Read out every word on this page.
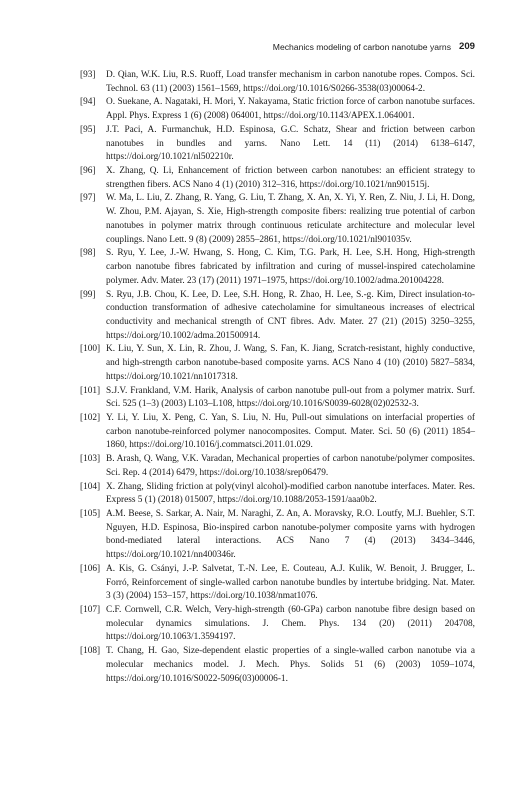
Mechanics modeling of carbon nanotube yarns 209
[93]	D. Qian, W.K. Liu, R.S. Ruoff, Load transfer mechanism in carbon nanotube ropes. Compos. Sci. Technol. 63 (11) (2003) 1561–1569, https://doi.org/10.1016/S0266-3538(03)00064-2.
[94]	O. Suekane, A. Nagataki, H. Mori, Y. Nakayama, Static friction force of carbon nanotube surfaces. Appl. Phys. Express 1 (6) (2008) 064001, https://doi.org/10.1143/APEX.1.064001.
[95]	J.T. Paci, A. Furmanchuk, H.D. Espinosa, G.C. Schatz, Shear and friction between carbon nanotubes in bundles and yarns. Nano Lett. 14 (11) (2014) 6138–6147, https://doi.org/10.1021/nl502210r.
[96]	X. Zhang, Q. Li, Enhancement of friction between carbon nanotubes: an efficient strategy to strengthen fibers. ACS Nano 4 (1) (2010) 312–316, https://doi.org/10.1021/nn901515j.
[97]	W. Ma, L. Liu, Z. Zhang, R. Yang, G. Liu, T. Zhang, X. An, X. Yi, Y. Ren, Z. Niu, J. Li, H. Dong, W. Zhou, P.M. Ajayan, S. Xie, High-strength composite fibers: realizing true potential of carbon nanotubes in polymer matrix through continuous reticulate architecture and molecular level couplings. Nano Lett. 9 (8) (2009) 2855–2861, https://doi.org/10.1021/nl901035v.
[98]	S. Ryu, Y. Lee, J.-W. Hwang, S. Hong, C. Kim, T.G. Park, H. Lee, S.H. Hong, High-strength carbon nanotube fibres fabricated by infiltration and curing of mussel-inspired catecholamine polymer. Adv. Mater. 23 (17) (2011) 1971–1975, https://doi.org/10.1002/adma.201004228.
[99]	S. Ryu, J.B. Chou, K. Lee, D. Lee, S.H. Hong, R. Zhao, H. Lee, S.-g. Kim, Direct insulation-to-conduction transformation of adhesive catecholamine for simultaneous increases of electrical conductivity and mechanical strength of CNT fibres. Adv. Mater. 27 (21) (2015) 3250–3255, https://doi.org/10.1002/adma.201500914.
[100] K. Liu, Y. Sun, X. Lin, R. Zhou, J. Wang, S. Fan, K. Jiang, Scratch-resistant, highly conductive, and high-strength carbon nanotube-based composite yarns. ACS Nano 4 (10) (2010) 5827–5834, https://doi.org/10.1021/nn1017318.
[101] S.J.V. Frankland, V.M. Harik, Analysis of carbon nanotube pull-out from a polymer matrix. Surf. Sci. 525 (1–3) (2003) L103–L108, https://doi.org/10.1016/S0039-6028(02)02532-3.
[102] Y. Li, Y. Liu, X. Peng, C. Yan, S. Liu, N. Hu, Pull-out simulations on interfacial properties of carbon nanotube-reinforced polymer nanocomposites. Comput. Mater. Sci. 50 (6) (2011) 1854–1860, https://doi.org/10.1016/j.commatsci.2011.01.029.
[103] B. Arash, Q. Wang, V.K. Varadan, Mechanical properties of carbon nanotube/polymer composites. Sci. Rep. 4 (2014) 6479, https://doi.org/10.1038/srep06479.
[104] X. Zhang, Sliding friction at poly(vinyl alcohol)-modified carbon nanotube interfaces. Mater. Res. Express 5 (1) (2018) 015007, https://doi.org/10.1088/2053-1591/aaa0b2.
[105] A.M. Beese, S. Sarkar, A. Nair, M. Naraghi, Z. An, A. Moravsky, R.O. Loutfy, M.J. Buehler, S.T. Nguyen, H.D. Espinosa, Bio-inspired carbon nanotube-polymer composite yarns with hydrogen bond-mediated lateral interactions. ACS Nano 7 (4) (2013) 3434–3446, https://doi.org/10.1021/nn400346r.
[106] A. Kis, G. Csányi, J.-P. Salvetat, T.-N. Lee, E. Couteau, A.J. Kulik, W. Benoit, J. Brugger, L. Forró, Reinforcement of single-walled carbon nanotube bundles by intertube bridging. Nat. Mater. 3 (3) (2004) 153–157, https://doi.org/10.1038/nmat1076.
[107] C.F. Cornwell, C.R. Welch, Very-high-strength (60-GPa) carbon nanotube fibre design based on molecular dynamics simulations. J. Chem. Phys. 134 (20) (2011) 204708, https://doi.org/10.1063/1.3594197.
[108] T. Chang, H. Gao, Size-dependent elastic properties of a single-walled carbon nanotube via a molecular mechanics model. J. Mech. Phys. Solids 51 (6) (2003) 1059–1074, https://doi.org/10.1016/S0022-5096(03)00006-1.
